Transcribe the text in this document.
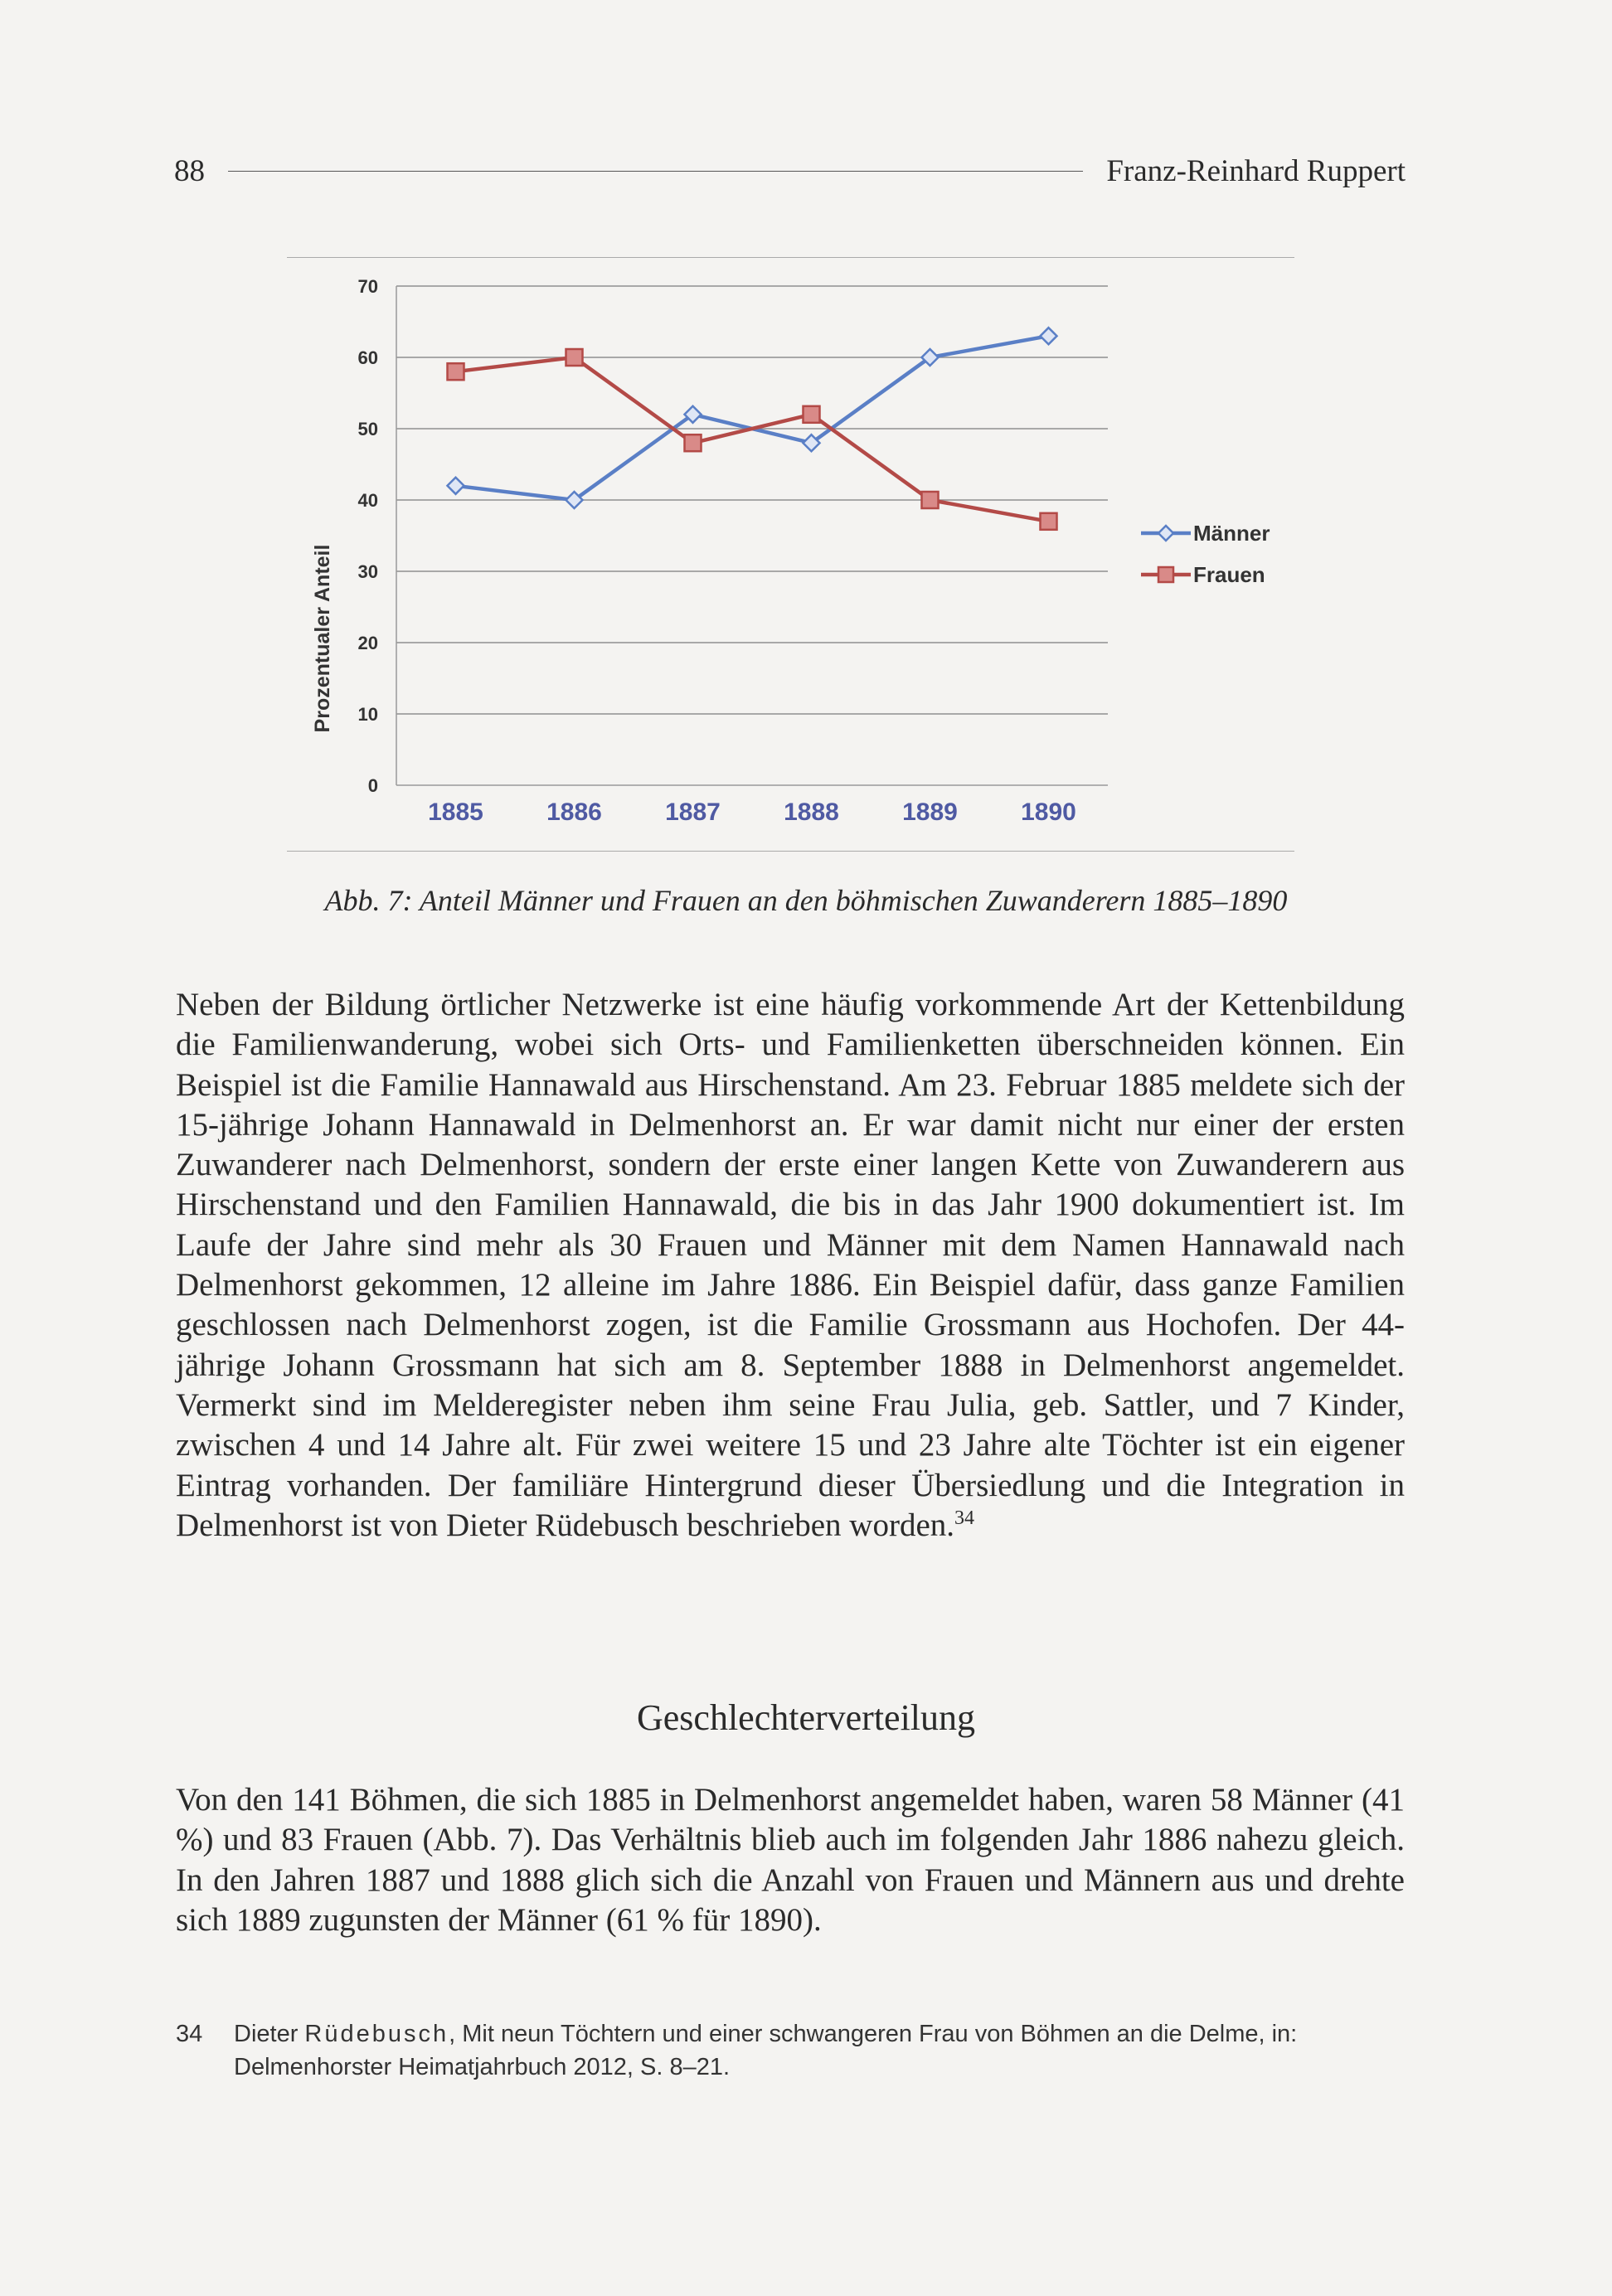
88	Franz-Reinhard Ruppert
0
10
20
30
40
50
60
70
1885	1886	1887	1888	1889	1890
Männer
Frauen
Prozentualer Anteil
Abb. 7: Anteil Männer und Frauen an den böhmischen Zuwanderern 1885–1890

Neben der Bildung örtlicher Netzwerke ist eine häufig vorkommende Art der Kettenbildung die Familienwanderung, wobei sich Orts- und Familienketten überschneiden können. Ein Beispiel ist die Familie Hannawald aus Hirschenstand. Am 23. Februar 1885 meldete sich der 15-jährige Johann Hannawald in Delmenhorst an. Er war damit nicht nur einer der ersten Zuwanderer nach Delmenhorst, sondern der erste einer langen Kette von Zuwanderern aus Hirschenstand und den Familien Hannawald, die bis in das Jahr 1900 dokumentiert ist. Im Laufe der Jahre sind mehr als 30 Frauen und Männer mit dem Namen Hannawald nach Delmenhorst gekommen, 12 alleine im Jahre 1886. Ein Beispiel dafür, dass ganze Familien geschlossen nach Delmenhorst zogen, ist die Familie Grossmann aus Hochofen. Der 44-jährige Johann Grossmann hat sich am 8. September 1888 in Delmenhorst angemeldet. Vermerkt sind im Melderegister neben ihm seine Frau Julia, geb. Sattler, und 7 Kinder, zwischen 4 und 14 Jahre alt. Für zwei weitere 15 und 23 Jahre alte Töchter ist ein eigener Eintrag vorhanden. Der familiäre Hintergrund dieser Übersiedlung und die Integration in Delmenhorst ist von Dieter Rüdebusch beschrieben worden.$^{34}$

Geschlechterverteilung

Von den 141 Böhmen, die sich 1885 in Delmenhorst angemeldet haben, waren 58 Männer (41 %) und 83 Frauen (Abb. 7). Das Verhältnis blieb auch im folgenden Jahr 1886 nahezu gleich. In den Jahren 1887 und 1888 glich sich die Anzahl von Frauen und Männern aus und drehte sich 1889 zugunsten der Männer (61 % für 1890).

34 Dieter Rüdebusch, Mit neun Töchtern und einer schwangeren Frau von Böhmen an die Delme, in: Delmenhorster Heimatjahrbuch 2012, S. 8–21.
